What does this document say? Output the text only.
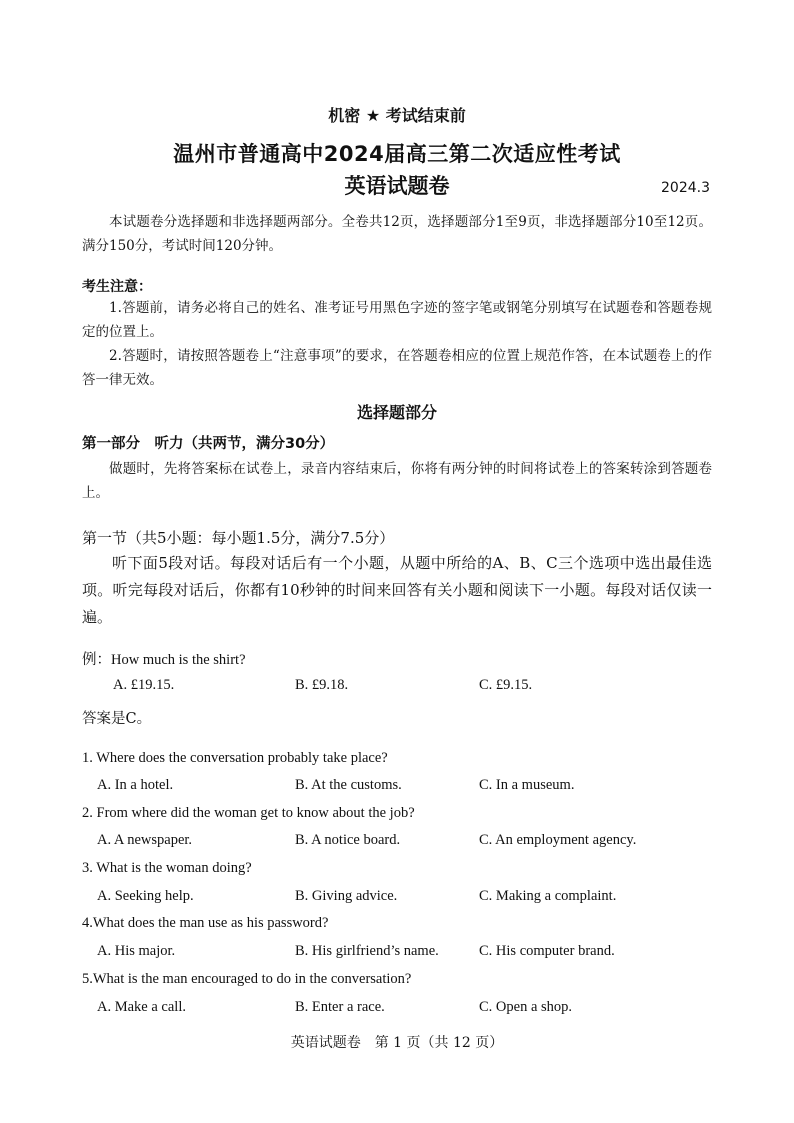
机密 ★ 考试结束前
温州市普通高中2024届高三第二次适应性考试
英语试题卷	2024.3
本试题卷分选择题和非选择题两部分。全卷共12页，选择题部分1至9页，非选择题部分10至12页。满分150分，考试时间120分钟。
考生注意：
1.答题前，请务必将自己的姓名、准考证号用黑色字迹的签字笔或钢笔分别填写在试题卷和答题卷规定的位置上。
2.答题时，请按照答题卷上“注意事项”的要求，在答题卷相应的位置上规范作答，在本试题卷上的作答一律无效。
选择题部分
第一部分　听力（共两节，满分30分）
做题时，先将答案标在试卷上，录音内容结束后，你将有两分钟的时间将试卷上的答案转涂到答题卷上。
第一节（共5小题：每小题1.5分，满分7.5分）
听下面5段对话。每段对话后有一个小题，从题中所给的A、B、C三个选项中选出最佳选项。听完每段对话后，你都有10秒钟的时间来回答有关小题和阅读下一小题。每段对话仅读一遍。
例：How much is the shirt?
A. £19.15.	B. £9.18.	C. £9.15.
答案是C。
1. Where does the conversation probably take place?
A. In a hotel.	B. At the customs.	C. In a museum.
2. From where did the woman get to know about the job?
A. A newspaper.	B. A notice board.	C. An employment agency.
3. What is the woman doing?
A. Seeking help.	B. Giving advice.	C. Making a complaint.
4.What does the man use as his password?
A. His major.	B. His girlfriend’s name.	C. His computer brand.
5.What is the man encouraged to do in the conversation?
A. Make a call.	B. Enter a race.	C. Open a shop.
英语试题卷　第 1 页（共 12 页）
